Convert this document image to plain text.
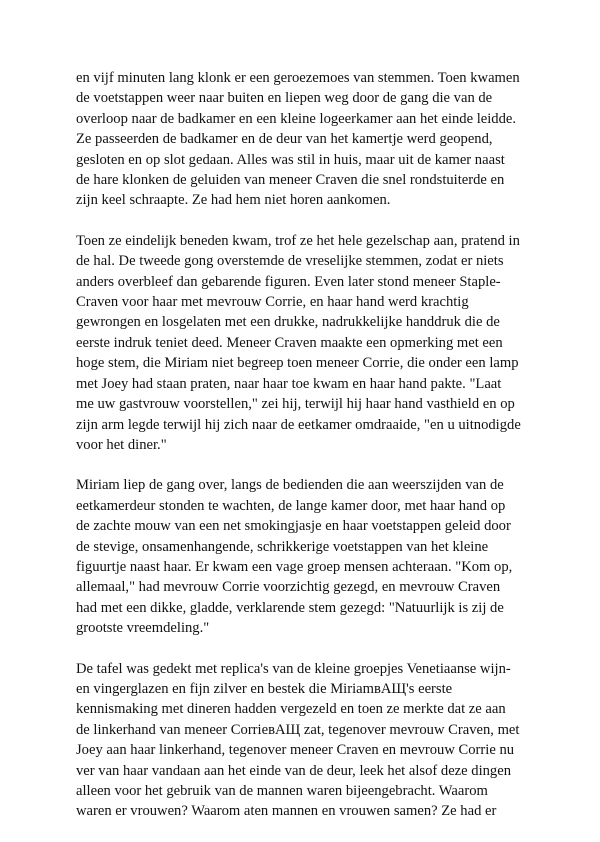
en vijf minuten lang klonk er een geroezemoes van stemmen. Toen kwamen
de voetstappen weer naar buiten en liepen weg door de gang die van de
overloop naar de badkamer en een kleine logeerkamer aan het einde leidde.
Ze passeerden de badkamer en de deur van het kamertje werd geopend,
gesloten en op slot gedaan. Alles was stil in huis, maar uit de kamer naast
de hare klonken de geluiden van meneer Craven die snel rondstuiterde en
zijn keel schraapte. Ze had hem niet horen aankomen.

Toen ze eindelijk beneden kwam, trof ze het hele gezelschap aan, pratend in
de hal. De tweede gong overstemde de vreselijke stemmen, zodat er niets
anders overbleef dan gebarende figuren. Even later stond meneer Staple-
Craven voor haar met mevrouw Corrie, en haar hand werd krachtig
gewrongen en losgelaten met een drukke, nadrukkelijke handdruk die de
eerste indruk teniet deed. Meneer Craven maakte een opmerking met een
hoge stem, die Miriam niet begreep toen meneer Corrie, die onder een lamp
met Joey had staan praten, naar haar toe kwam en haar hand pakte. "Laat
me uw gastvrouw voorstellen," zei hij, terwijl hij haar hand vasthield en op
zijn arm legde terwijl hij zich naar de eetkamer omdraaide, "en u uitnodigde
voor het diner."

Miriam liep de gang over, langs de bedienden die aan weerszijden van de
eetkamerdeur stonden te wachten, de lange kamer door, met haar hand op
de zachte mouw van een net smokingjasje en haar voetstappen geleid door
de stevige, onsamenhangende, schrikkerige voetstappen van het kleine
figuurtje naast haar. Er kwam een vage groep mensen achteraan. "Kom op,
allemaal," had mevrouw Corrie voorzichtig gezegd, en mevrouw Craven
had met een dikke, gladde, verklarende stem gezegd: "Natuurlijk is zij de
grootste vreemdeling."

De tafel was gedekt met replica's van de kleine groepjes Venetiaanse wijn-
en vingerglazen en fijn zilver en bestek die MiriamвАЩ's eerste
kennismaking met dineren hadden vergezeld en toen ze merkte dat ze aan
de linkerhand van meneer CorrieвАЩ zat, tegenover mevrouw Craven, met
Joey aan haar linkerhand, tegenover meneer Craven en mevrouw Corrie nu
ver van haar vandaan aan het einde van de deur, leek het alsof deze dingen
alleen voor het gebruik van de mannen waren bijeengebracht. Waarom
waren er vrouwen? Waarom aten mannen en vrouwen samen? Ze had er
